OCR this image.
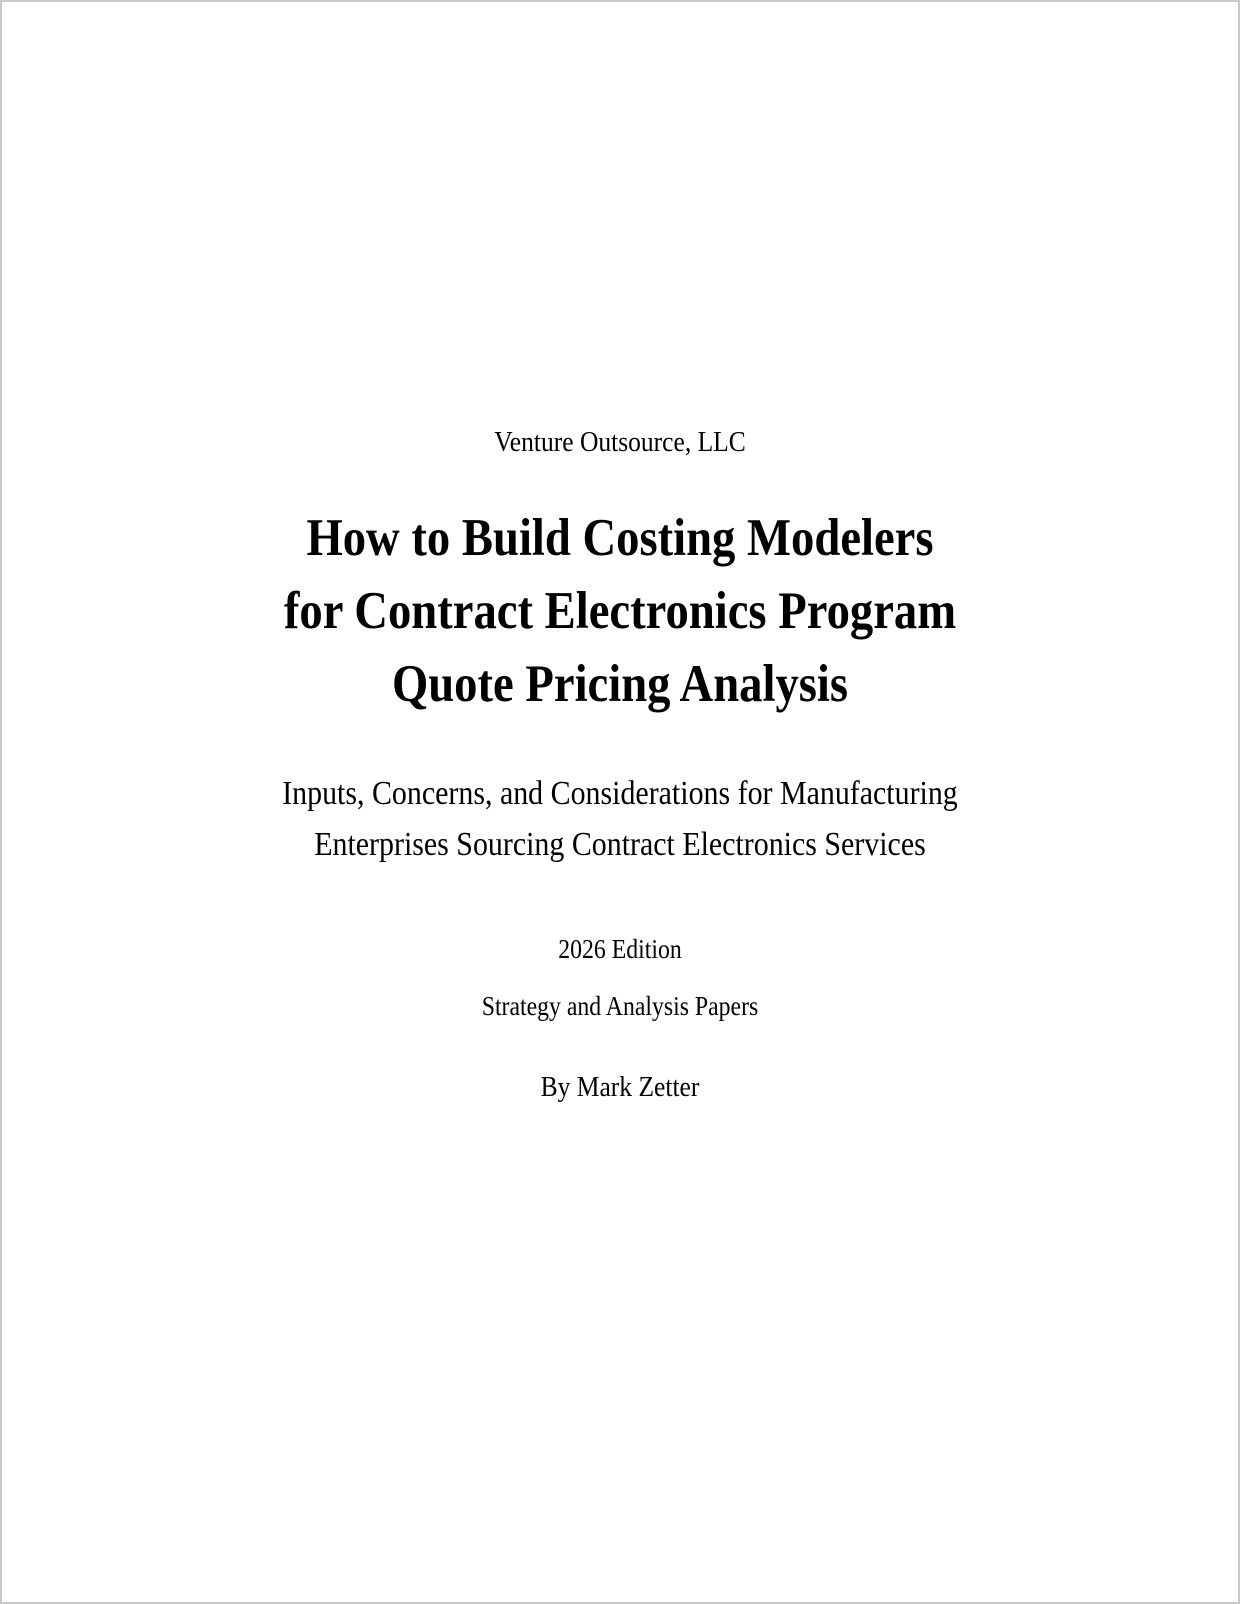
Venture Outsource, LLC
How to Build Costing Modelers
for Contract Electronics Program
Quote Pricing Analysis
Inputs, Concerns, and Considerations for Manufacturing
Enterprises Sourcing Contract Electronics Services
2026 Edition
Strategy and Analysis Papers
By Mark Zetter
